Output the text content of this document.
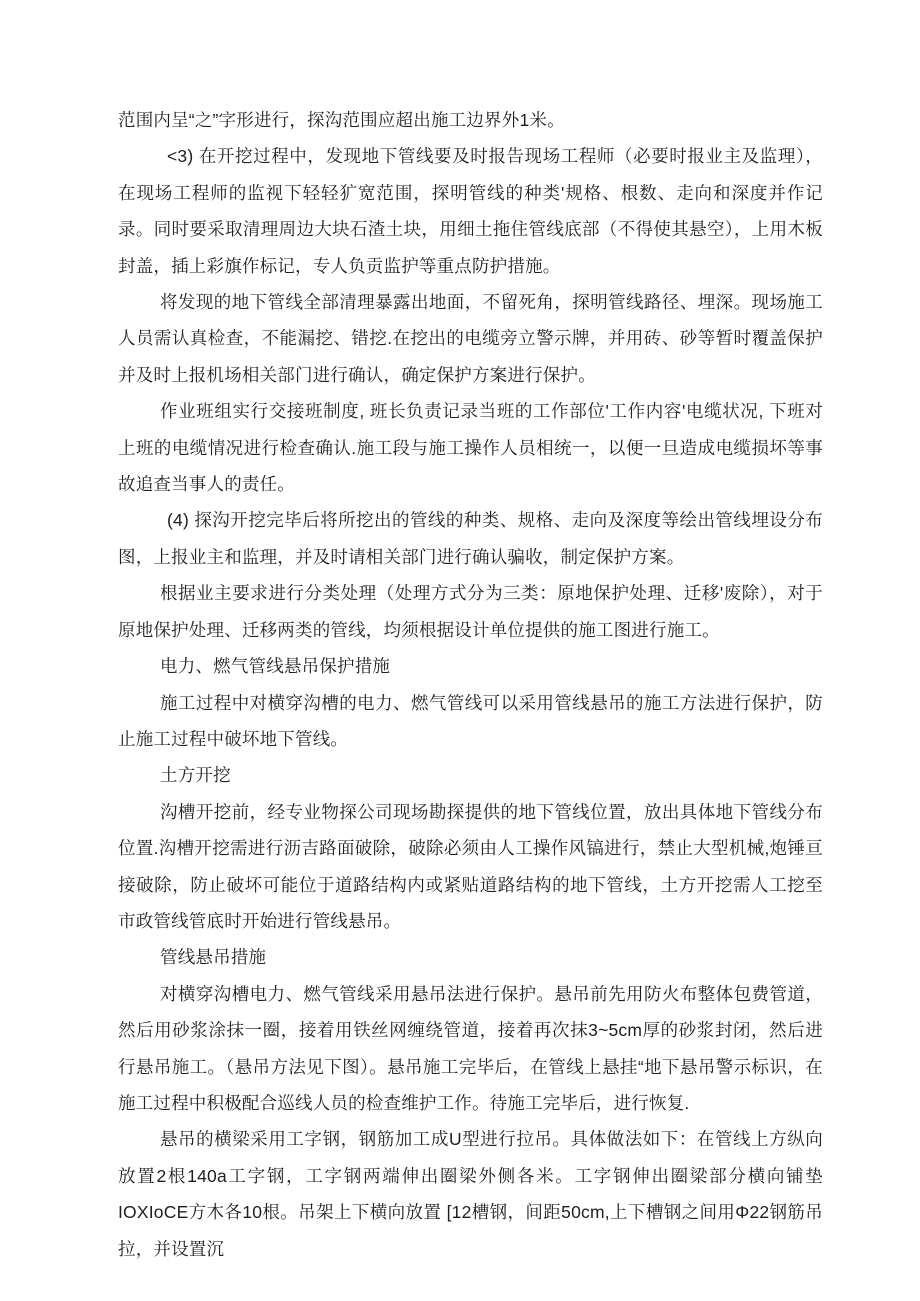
范围内呈“之”字形进行，探沟范围应超出施工边界外1米。

<3) 在开挖过程中，发现地下管线要及时报告现场工程师（必要时报业主及监理），在现场工程师的监视下轻轻犷宽范围，探明管线的种类'规格、根数、走向和深度并作记录。同时要采取清理周边大块石渣土块，用细土拖住管线底部（不得使其悬空），上用木板封盖，插上彩旗作标记，专人负贡监护等重点防护措施。

将发现的地下管线全部清理暴露出地面，不留死角，探明管线路径、埋深。现场施工人员需认真检查，不能漏挖、错挖.在挖出的电缆旁立警示牌，并用砖、砂等暂时覆盖保护并及时上报机场相关部门进行确认，确定保护方案进行保护。

作业班组实行交接班制度, 班长负责记录当班的工作部位'工作内容'电缆状况, 下班对上班的电缆情况进行检查确认.施工段与施工操作人员相统一，以便一旦造成电缆损坏等事故追查当事人的责任。

(4) 探沟开挖完毕后将所挖出的管线的种类、规格、走向及深度等绘出管线埋设分布图，上报业主和监理，并及时请相关部门进行确认骗收，制定保护方案。

根据业主要求进行分类处理（处理方式分为三类：原地保护处理、迁移'废除），对于原地保护处理、迁移两类的管线，均须根据设计单位提供的施工图进行施工。

电力、燃气管线悬吊保护措施

施工过程中对横穿沟槽的电力、燃气管线可以采用管线悬吊的施工方法进行保护，防止施工过程中破坏地下管线。

土方开挖

沟槽开挖前，经专业物探公司现场勘探提供的地下管线位置，放出具体地下管线分布位置.沟槽开挖需进行沥吉路面破除，破除必须由人工操作风镐进行，禁止大型机械,炮锤亘接破除，防止破坏可能位于道路结构内或紧贴道路结构的地下管线，土方开挖需人工挖至市政管线管底时开始进行管线悬吊。

管线悬吊措施

对横穿沟槽电力、燃气管线采用悬吊法进行保护。悬吊前先用防火布整体包费管道，然后用砂浆涂抹一圈，接着用铁丝网缠绕管道，接着再次抹3~5cm厚的砂浆封闭，然后进行悬吊施工。（悬吊方法见下图）。悬吊施工完毕后，在管线上悬挂“地下悬吊警示标识，在施工过程中积极配合巡线人员的检查维护工作。待施工完毕后，进行恢复.

悬吊的横梁采用工字钢，钢筋加工成U型进行拉吊。具体做法如下：在管线上方纵向放置2根140a工字钢，工字钢两端伸出圈梁外侧各米。工字钢伸出圈梁部分横向铺垫IOXIoCE方木各10根。吊架上下横向放置 [12槽钢，间距50cm,上下槽钢之间用Φ22钢筋吊拉，并设置沉
